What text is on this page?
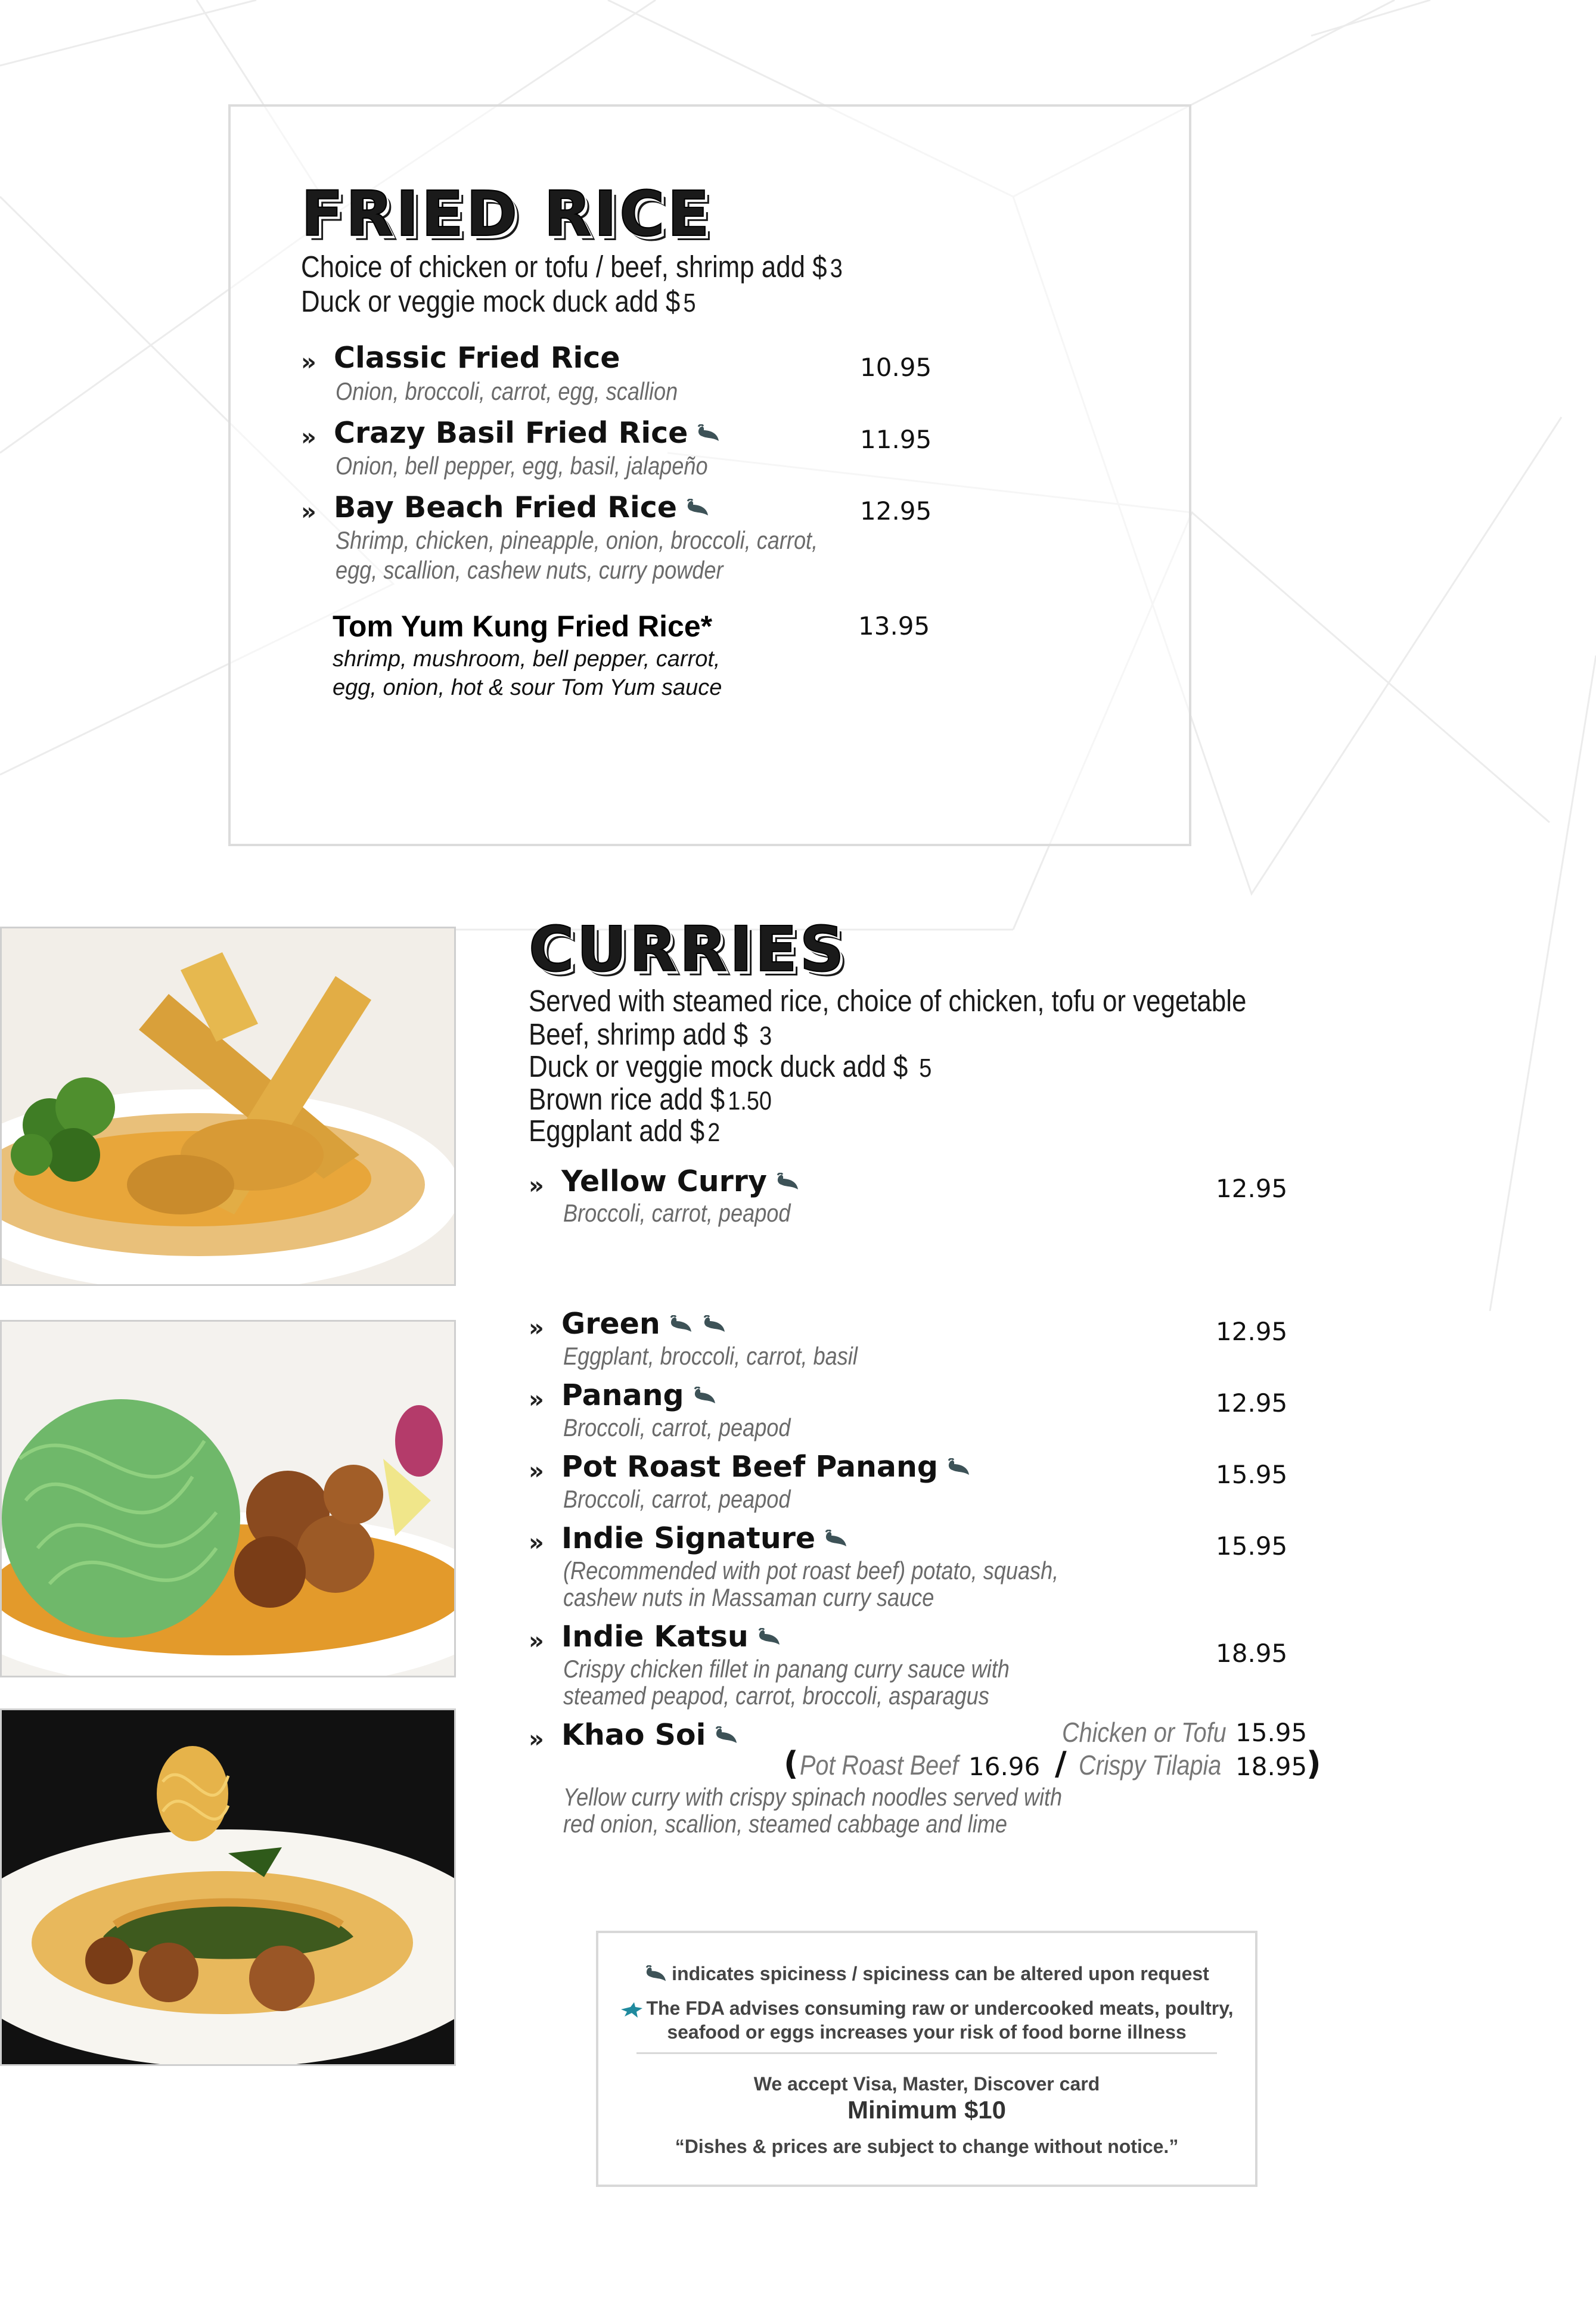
FRIED RICE
Choice of chicken or tofu / beef, shrimp add $ 3
Duck or veggie mock duck add $ 5
» Classic Fried Rice	10.95
Onion, broccoli, carrot, egg, scallion
» Crazy Basil Fried Rice	11.95
Onion, bell pepper, egg, basil, jalapeño
» Bay Beach Fried Rice	12.95
Shrimp, chicken, pineapple, onion, broccoli, carrot,
egg, scallion, cashew nuts, curry powder
Tom Yum Kung Fried Rice*	13.95
shrimp, mushroom, bell pepper, carrot,
egg, onion, hot & sour Tom Yum sauce
CURRIES
Served with steamed rice, choice of chicken, tofu or vegetable
Beef, shrimp add $ 3
Duck or veggie mock duck add $ 5
Brown rice add $ 1.50
Eggplant add $ 2
» Yellow Curry	12.95
Broccoli, carrot, peapod
» Green	12.95
Eggplant, broccoli, carrot, basil
» Panang	12.95
Broccoli, carrot, peapod
» Pot Roast Beef Panang	15.95
Broccoli, carrot, peapod
» Indie Signature	15.95
(Recommended with pot roast beef) potato, squash,
cashew nuts in Massaman curry sauce
» Indie Katsu	18.95
Crispy chicken fillet in panang curry sauce with
steamed peapod, carrot, broccoli, asparagus
» Khao Soi	Chicken or Tofu 15.95
( Pot Roast Beef 16.96 / Crispy Tilapia 18.95
)
Yellow curry with crispy spinach noodles served with
red onion, scallion, steamed cabbage and lime
indicates spiciness / spiciness can be altered upon request
The FDA advises consuming raw or undercooked meats, poultry,
seafood or eggs increases your risk of food borne illness
We accept Visa, Master, Discover card
Minimum $10
“Dishes & prices are subject to change without notice.”
